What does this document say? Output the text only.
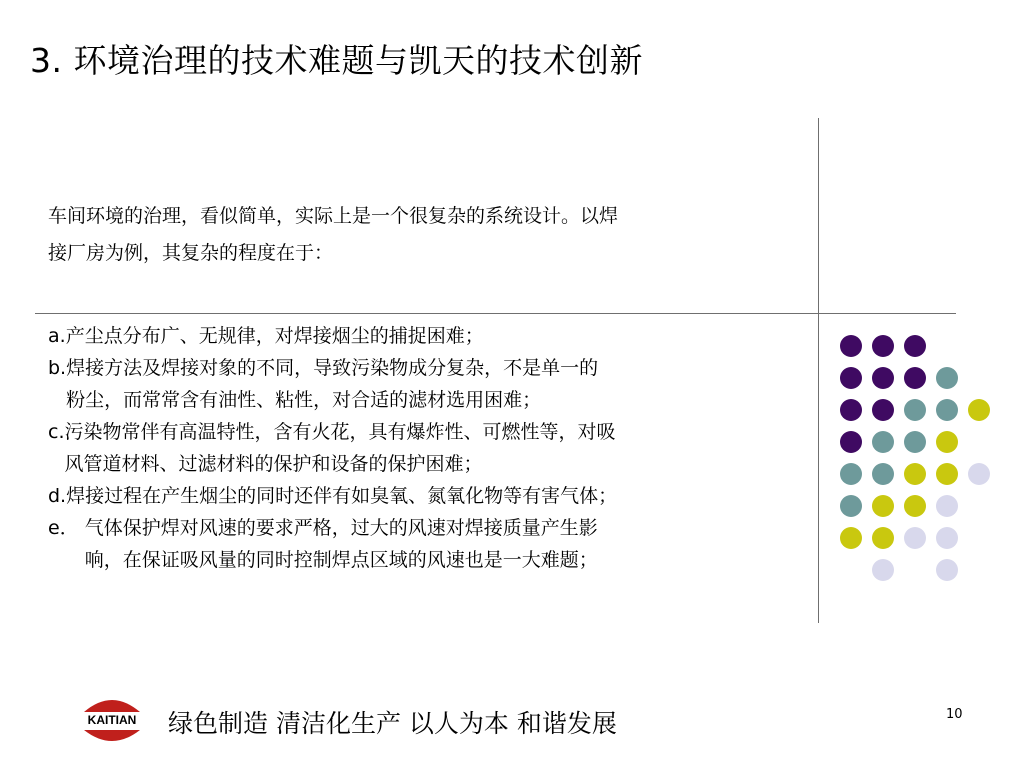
3. 环境治理的技术难题与凯天的技术创新
车间环境的治理，看似简单，实际上是一个很复杂的系统设计。以焊
接厂房为例，其复杂的程度在于：
a. 产尘点分布广、无规律，对焊接烟尘的捕捉困难；
b. 焊接方法及焊接对象的不同，导致污染物成分复杂，不是单一的
粉尘，而常常含有油性、粘性，对合适的滤材选用困难；
c. 污染物常伴有高温特性，含有火花，具有爆炸性、可燃性等，对吸
风管道材料、过滤材料的保护和设备的保护困难；
d. 焊接过程在产生烟尘的同时还伴有如臭氧、氮氧化物等有害气体；
e． 气体保护焊对风速的要求严格，过大的风速对焊接质量产生影
响，在保证吸风量的同时控制焊点区域的风速也是一大难题；
KAITIAN 绿色制造 清洁化生产 以人为本 和谐发展	10
